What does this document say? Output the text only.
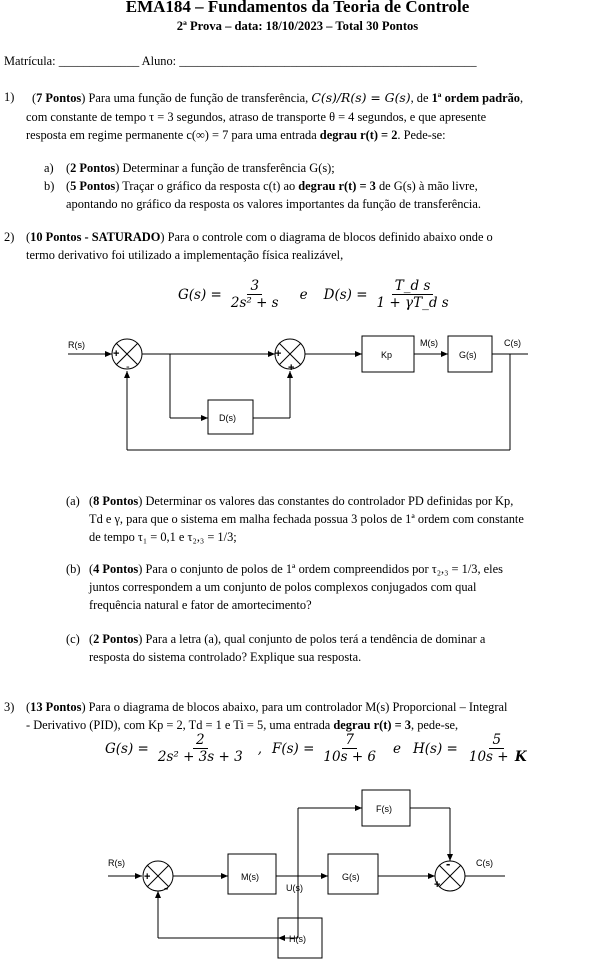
EMA184 – Fundamentos da Teoria de Controle
2ª Prova – data: 18/10/2023 – Total 30 Pontos
Matrícula: _____________ Aluno: ________________________________________________
1) (7 Pontos) Para uma função de função de transferência, C(s)/R(s) = G(s), de 1ª ordem padrão,
com constante de tempo τ = 3 segundos, atraso de transporte θ = 4 segundos, e que apresente
resposta em regime permanente c(∞) = 7 para uma entrada degrau r(t) = 2. Pede-se:
a) (2 Pontos) Determinar a função de transferência G(s);
b) (5 Pontos) Traçar o gráfico da resposta c(t) ao degrau r(t) = 3 de G(s) à mão livre,
apontando no gráfico da resposta os valores importantes da função de transferência.
2) (10 Pontos - SATURADO) Para o controle com o diagrama de blocos definido abaixo onde o
termo derivativo foi utilizado a implementação física realizável,
$G(s) = \frac{3}{\text{2s² + s}}$ e $D(s) = \frac{\text{T\_d s}}{\text{1 + γT\_d s}}$
R(s)	C(s)
M(s)
Kp	G(s)
D(s)
+
-
+
+
(a) (8 Pontos) Determinar os valores das constantes do controlador PD definidas por Kp,
Td e γ, para que o sistema em malha fechada possua 3 polos de 1ª ordem com constante
de tempo τ₁ = 0,1 e τ₂,₃ = 1/3;
(b) (4 Pontos) Para o conjunto de polos de 1ª ordem compreendidos por τ₂,₃ = 1/3, eles
juntos correspondem a um conjunto de polos complexos conjugados com qual
frequência natural e fator de amortecimento?
(c) (2 Pontos) Para a letra (a), qual conjunto de polos terá a tendência de dominar a
resposta do sistema controlado? Explique sua resposta.
3) (13 Pontos) Para o diagrama de blocos abaixo, para um controlador M(s) Proporcional – Integral
- Derivativo (PID), com Kp = 2, Td = 1 e Ti = 5, uma entrada degrau r(t) = 3, pede-se,
$G(s) = \frac{2}{\text{2s² + 3s + 3}}$ , $F(s) = \frac{7}{10s + 6}$ e $H(s) = \frac{5}{10s + K}$
R(s)	C(s)
M(s)	G(s)
F(s)
H(s)
U(s)
+
-	+
-
